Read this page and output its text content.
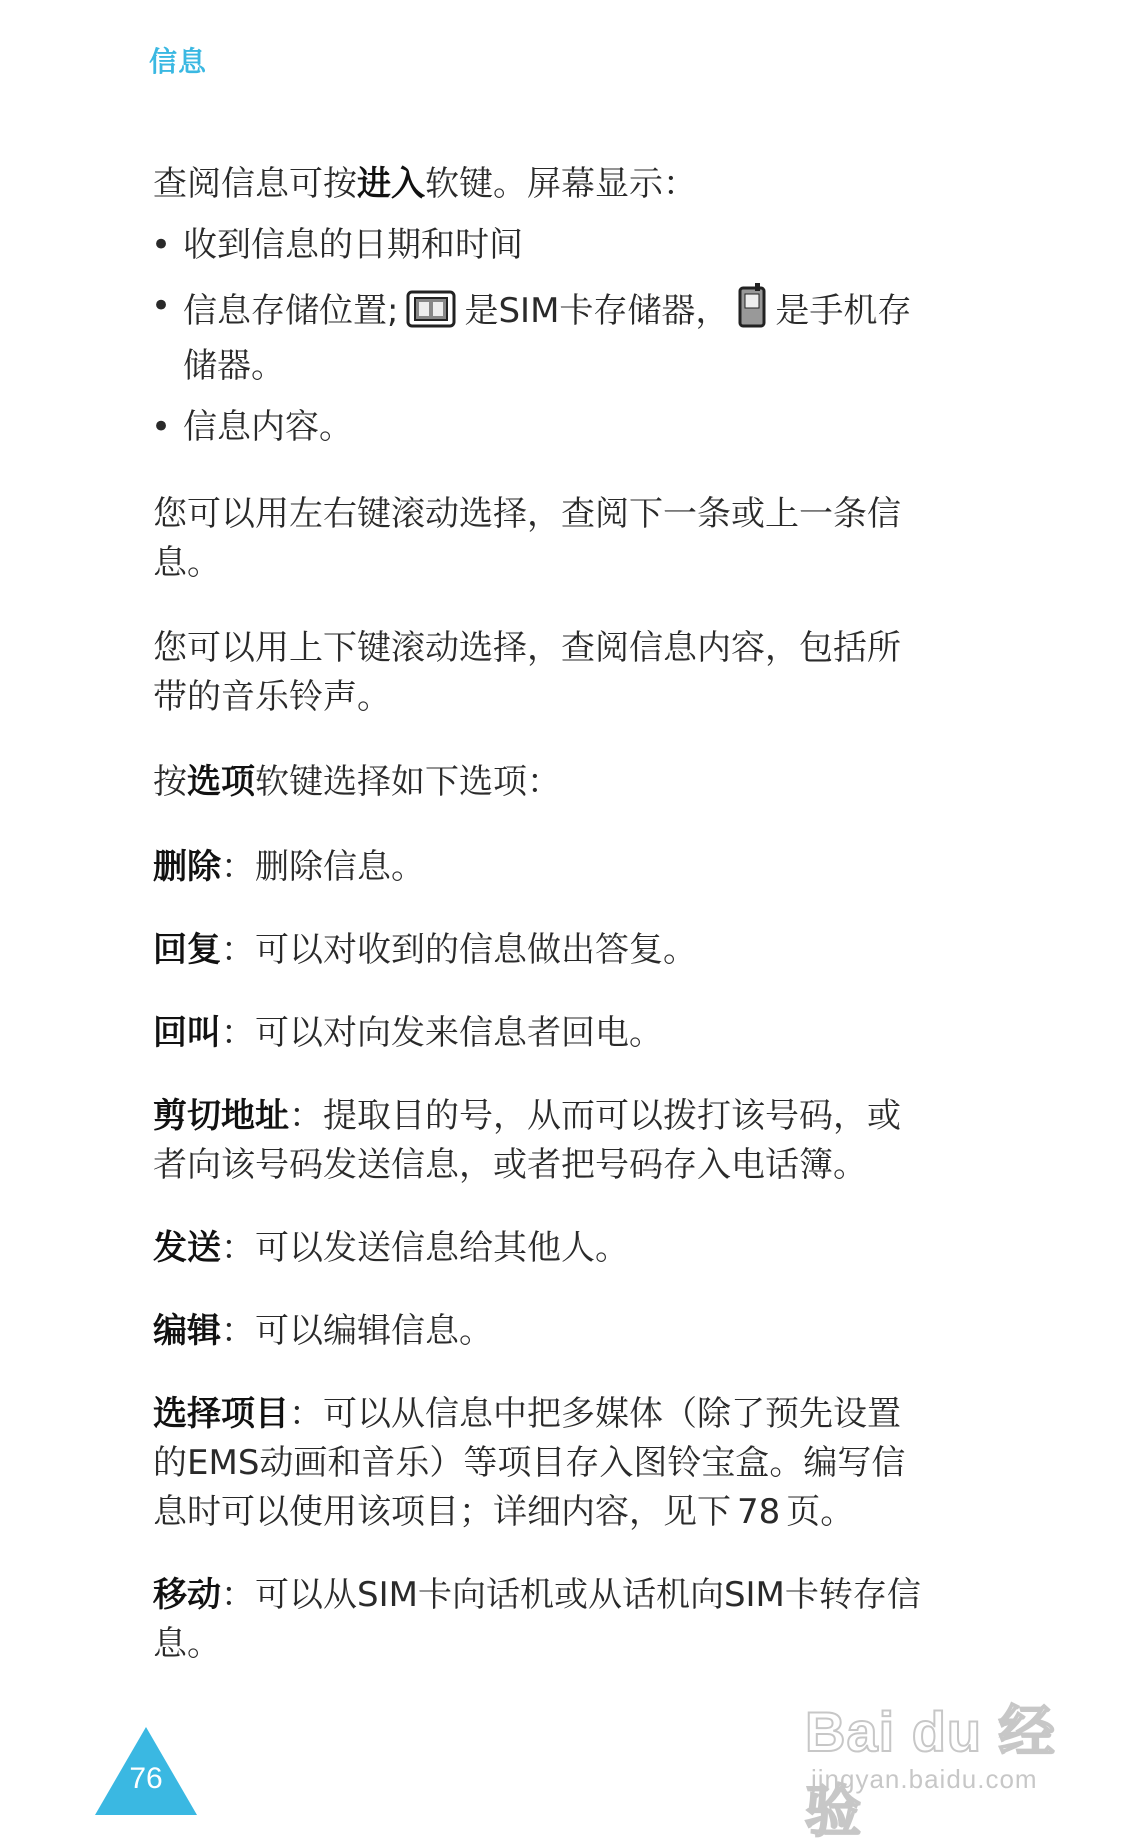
信息

查阅信息可按进入软键。屏幕显示：

• 收到信息的日期和时间
• 信息存储位置; 是SIM卡存储器， 是手机存储器。
• 信息内容。

您可以用左右键滚动选择，查阅下一条或上一条信息。

您可以用上下键滚动选择，查阅信息内容，包括所带的音乐铃声。

按选项软键选择如下选项：

删除：删除信息。

回复：可以对收到的信息做出答复。

回叫：可以对向发来信息者回电。

剪切地址：提取目的号，从而可以拨打该号码，或者向该号码发送信息，或者把号码存入电话簿。

发送：可以发送信息给其他人。

编辑：可以编辑信息。

选择项目：可以从信息中把多媒体（除了预先设置的EMS动画和音乐）等项目存入图铃宝盒。编写信息时可以使用该项目；详细内容，见下 78 页。

移动：可以从SIM卡向话机或从话机向SIM卡转存信息。

76
Bai du 经验
jingyan.baidu.com
